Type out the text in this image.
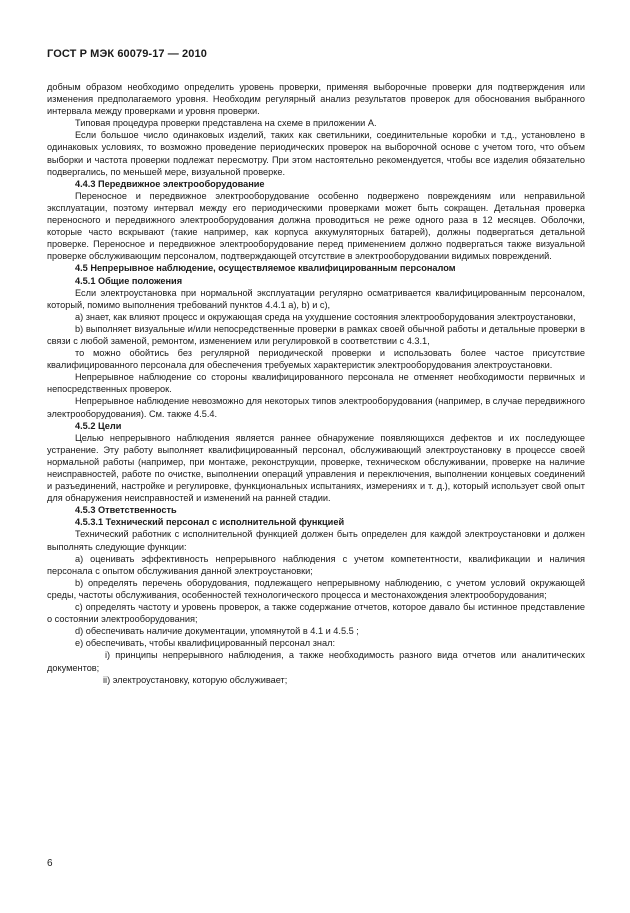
ГОСТ Р МЭК 60079-17 — 2010

добным образом необходимо определить уровень проверки, применяя выборочные проверки для подтверждения или изменения предполагаемого уровня. Необходим регулярный анализ результатов проверок для обоснования выбранного интервала между проверками и уровня проверки.

Типовая процедура проверки представлена на схеме в приложении А.

Если большое число одинаковых изделий, таких как светильники, соединительные коробки и т.д., установлено в одинаковых условиях, то возможно проведение периодических проверок на выборочной основе с учетом того, что объем выборки и частота проверки подлежат пересмотру. При этом настоятельно рекомендуется, чтобы все изделия обязательно подвергались, по меньшей мере, визуальной проверке.

4.4.3 Передвижное электрооборудование

Переносное и передвижное электрооборудование особенно подвержено повреждениям или неправильной эксплуатации, поэтому интервал между его периодическими проверками может быть сокращен. Детальная проверка переносного и передвижного электрооборудования должна проводиться не реже одного раза в 12 месяцев. Оболочки, которые часто вскрывают (такие например, как корпуса аккумуляторных батарей), должны подвергаться детальной проверке. Переносное и передвижное электрооборудование перед применением должно подвергаться также визуальной проверке обслуживающим персоналом, подтверждающей отсутствие в электрооборудовании видимых повреждений.

4.5 Непрерывное наблюдение, осуществляемое квалифицированным персоналом

4.5.1 Общие положения

Если электроустановка при нормальной эксплуатации регулярно осматривается квалифицированным персоналом, который, помимо выполнения требований пунктов 4.4.1 a), b) и c),

a) знает, как влияют процесс и окружающая среда на ухудшение состояния электрооборудования электроустановки,

b) выполняет визуальные и/или непосредственные проверки в рамках своей обычной работы и детальные проверки в связи с любой заменой, ремонтом, изменением или регулировкой в соответствии с 4.3.1,

то можно обойтись без регулярной периодической проверки и использовать более частое присутствие квалифицированного персонала для обеспечения требуемых характеристик электрооборудования электроустановки.

Непрерывное наблюдение со стороны квалифицированного персонала не отменяет необходимости первичных и непосредственных проверок.

Непрерывное наблюдение невозможно для некоторых типов электрооборудования (например, в случае передвижного электрооборудования). См. также 4.5.4.

4.5.2 Цели

Целью непрерывного наблюдения является раннее обнаружение появляющихся дефектов и их последующее устранение. Эту работу выполняет квалифицированный персонал, обслуживающий электроустановку в процессе своей нормальной работы (например, при монтаже, реконструкции, проверке, техническом обслуживании, проверке на наличие неисправностей, работе по очистке, выполнении операций управления и переключения, выполнении концевых соединений и разъединений, настройке и регулировке, функциональных испытаниях, измерениях и т. д.), который использует свой опыт для обнаружения неисправностей и изменений на ранней стадии.

4.5.3 Ответственность

4.5.3.1 Технический персонал с исполнительной функцией

Технический работник с исполнительной функцией должен быть определен для каждой электроустановки и должен выполнять следующие функции:

a) оценивать эффективность непрерывного наблюдения с учетом компетентности, квалификации и наличия персонала с опытом обслуживания данной электроустановки;

b) определять перечень оборудования, подлежащего непрерывному наблюдению, с учетом условий окружающей среды, частоты обслуживания, особенностей технологического процесса и местонахождения электрооборудования;

c) определять частоту и уровень проверок, а также содержание отчетов, которое давало бы истинное представление о состоянии электрооборудования;

d) обеспечивать наличие документации, упомянутой в 4.1 и 4.5.5 ;

e) обеспечивать, чтобы квалифицированный персонал знал:

i) принципы непрерывного наблюдения, а также необходимость разного вида отчетов или аналитических документов;

ii) электроустановку, которую обслуживает;

6
